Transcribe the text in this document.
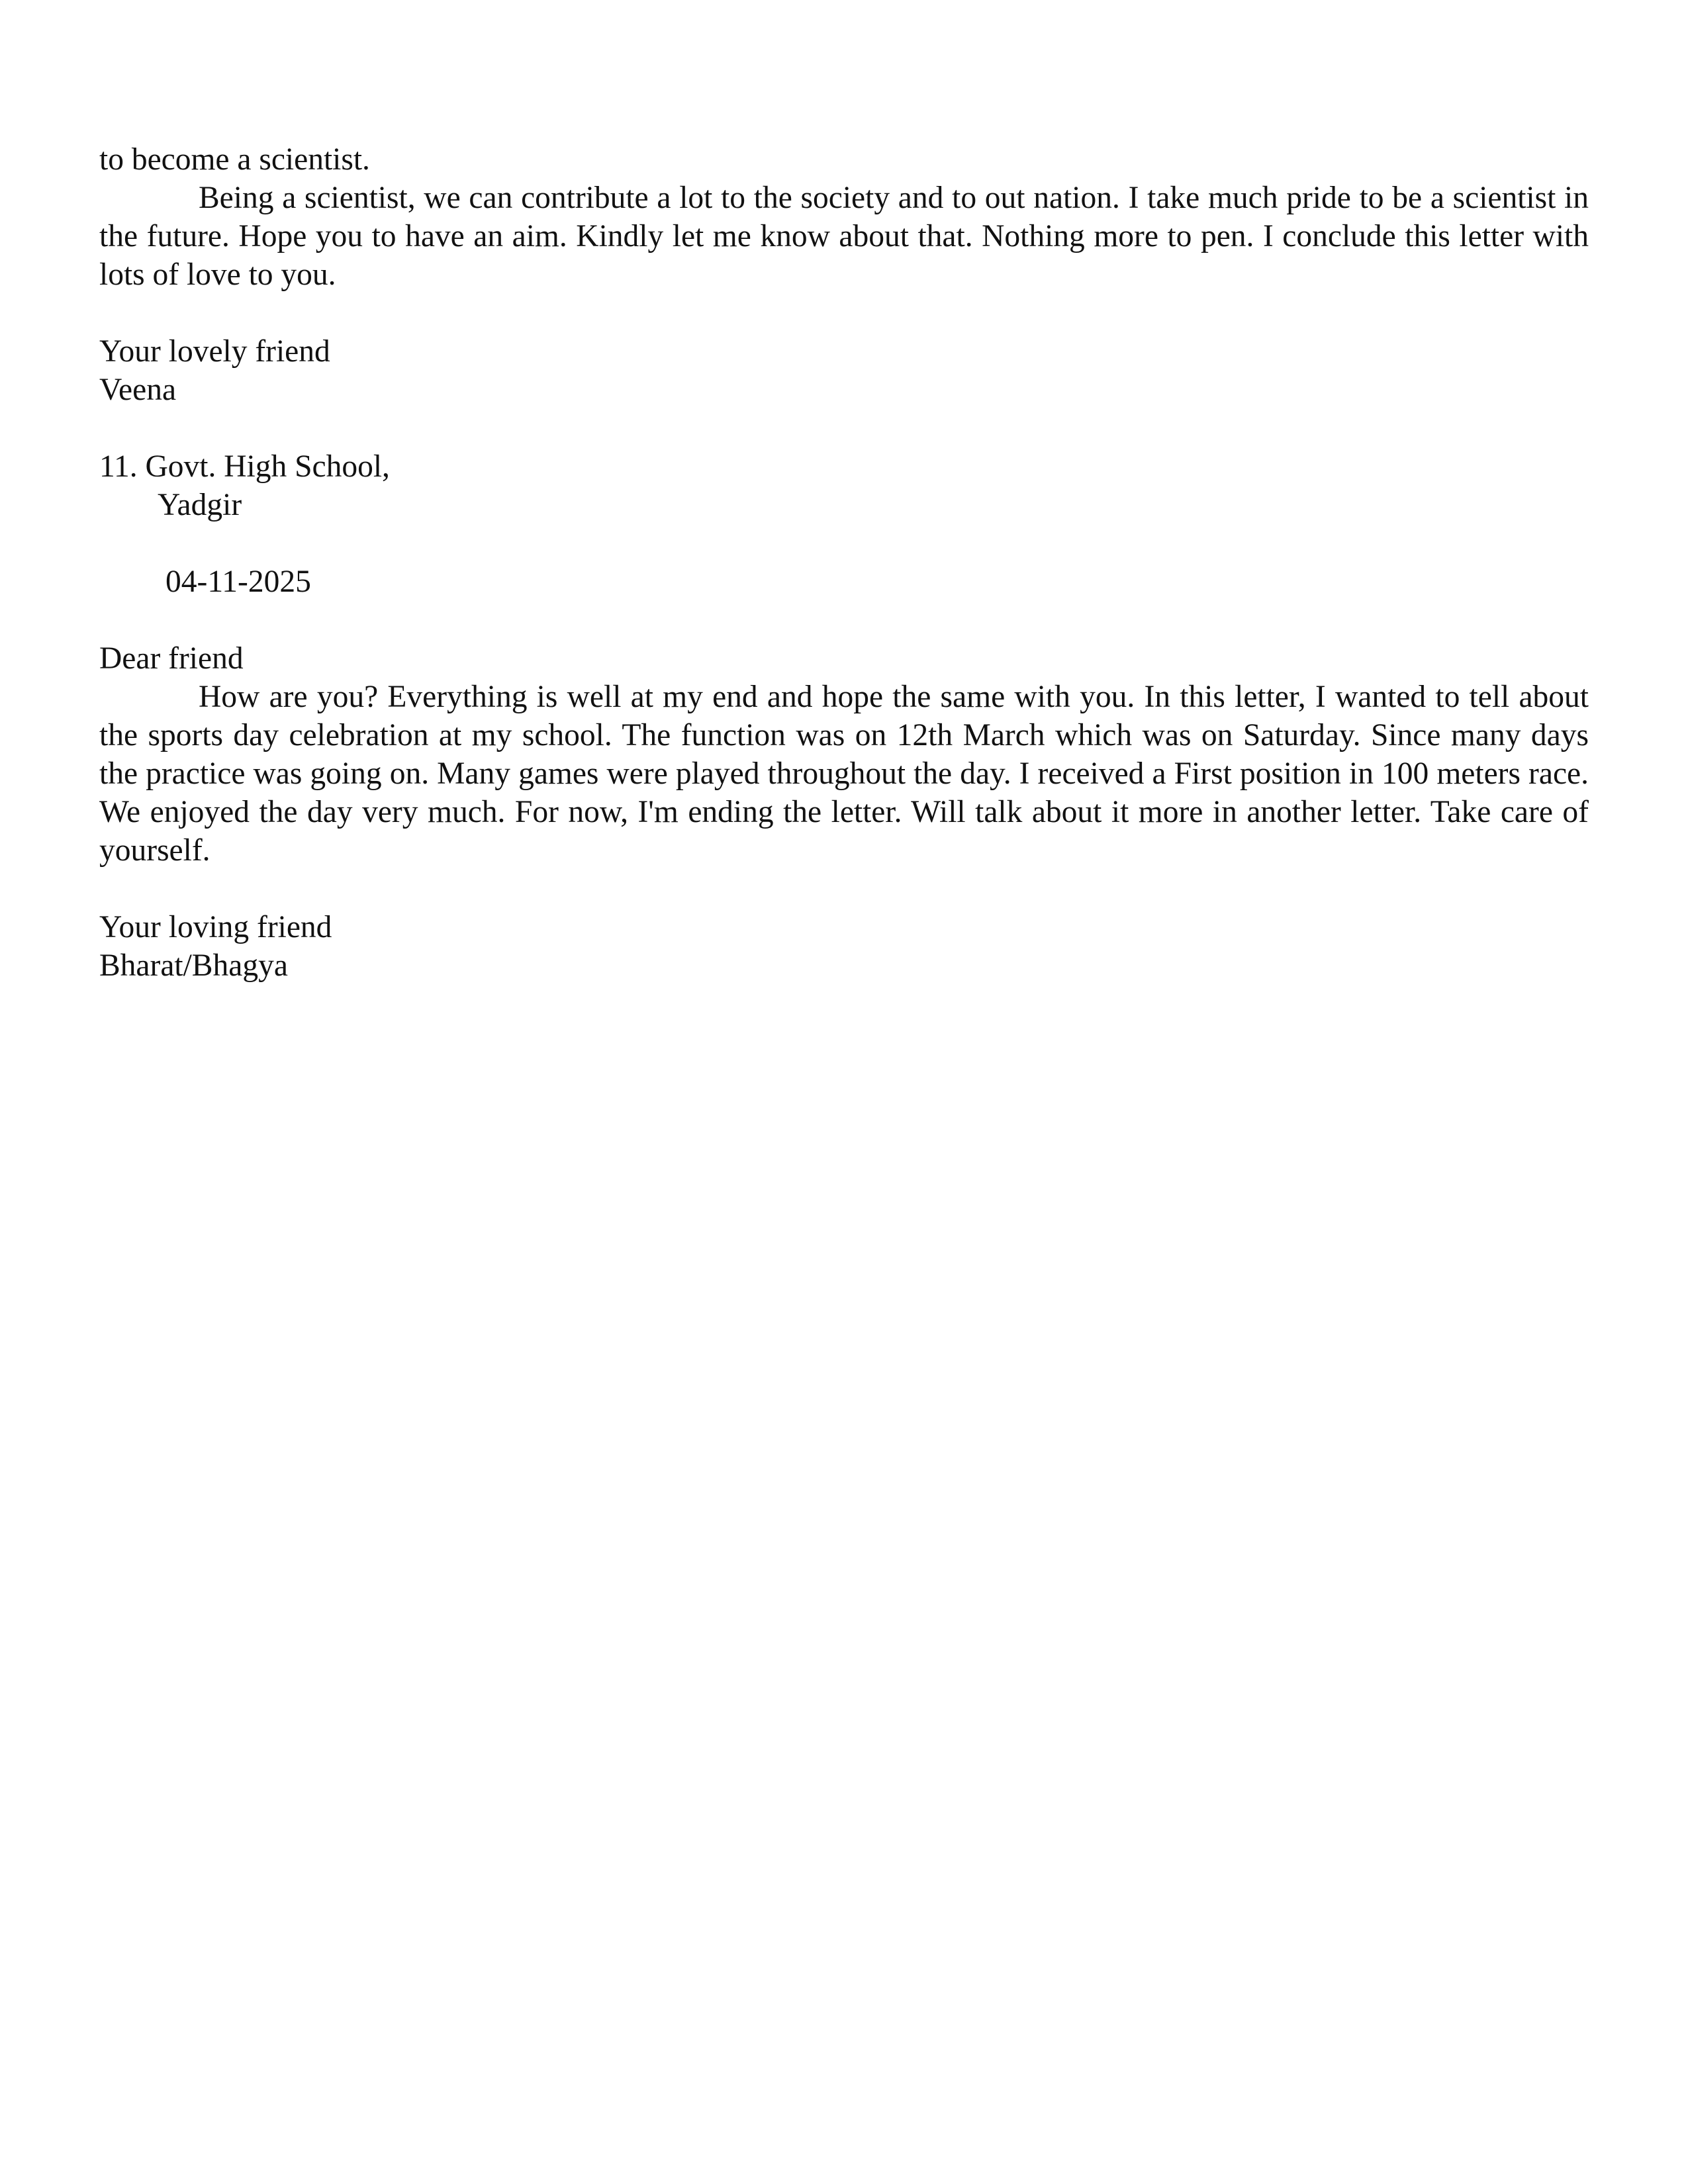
to become a scientist.

Being a scientist, we can contribute a lot to the society and to out nation. I take much pride to be a scientist in the future. Hope you to have an aim. Kindly let me know about that. Nothing more to pen. I conclude this letter with lots of love to you.

Your lovely friend
Veena
11. Govt. High School,
Yadgir
04-11-2025
Dear friend

How are you? Everything is well at my end and hope the same with you. In this letter, I wanted to tell about the sports day celebration at my school. The function was on 12th March which was on Saturday. Since many days the practice was going on. Many games were played throughout the day. I received a First position in 100 meters race. We enjoyed the day very much. For now, I'm ending the letter. Will talk about it more in another letter. Take care of yourself.

Your loving friend
Bharat/Bhagya
